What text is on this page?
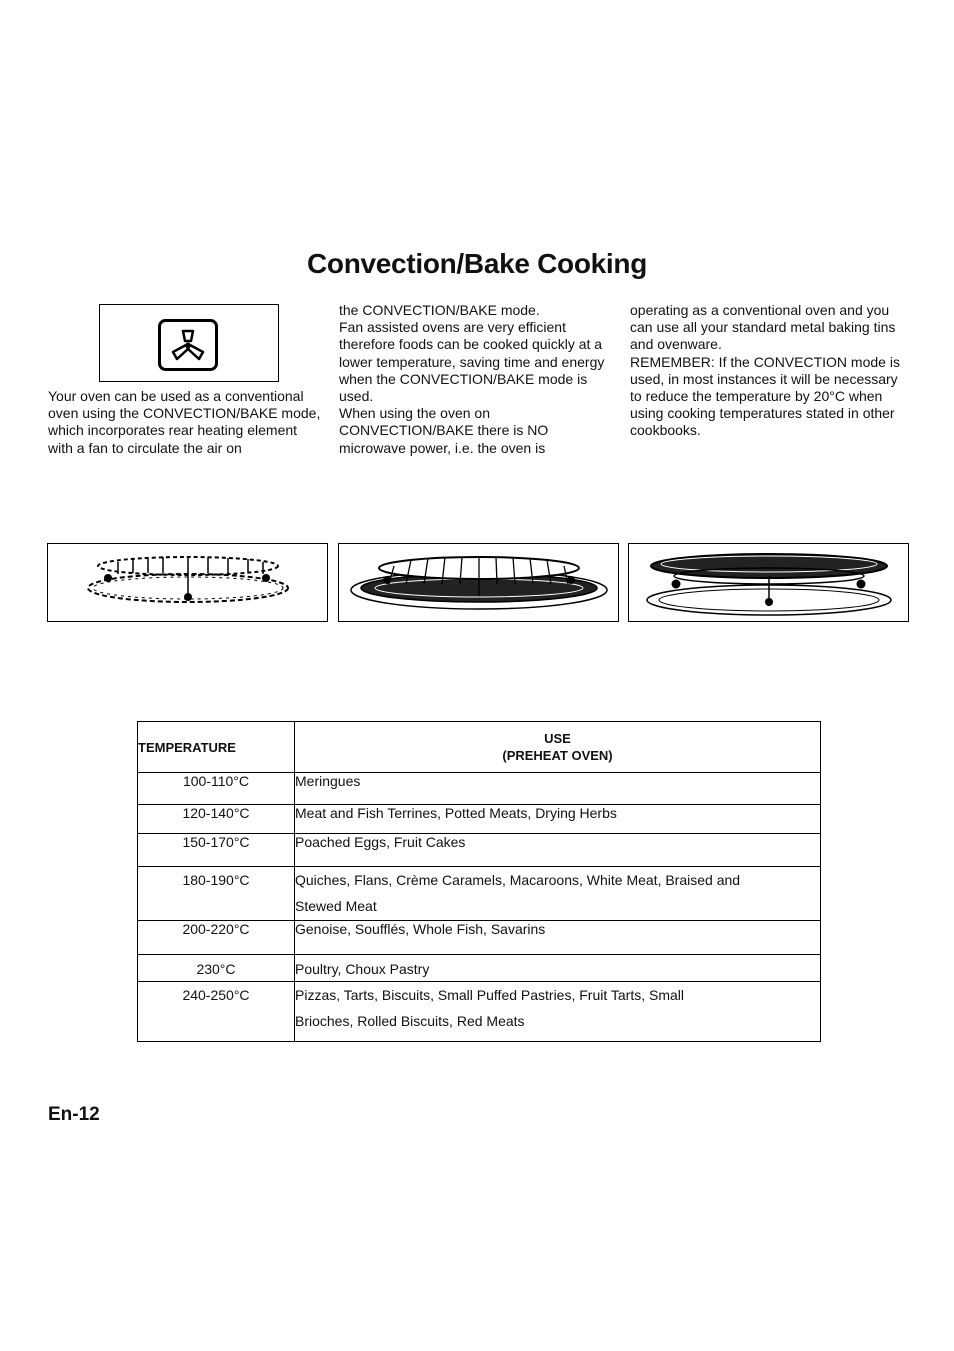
Convection/Bake Cooking

Your oven can be used as a conventional oven using the CONVECTION/BAKE mode, which incorporates rear heating element with a fan to circulate the air on

the CONVECTION/BAKE mode.

Fan assisted ovens are very efficient therefore foods can be cooked quickly at a lower temperature, saving time and energy when the CONVECTION/BAKE mode is used.

When using the oven on CONVECTION/BAKE there is NO microwave power, i.e. the oven is

operating as a conventional oven and you can use all your standard metal baking tins and ovenware.

REMEMBER: If the CONVECTION mode is used, in most instances it will be necessary to reduce the temperature by 20°C when using cooking temperatures stated in other cookbooks.

TEMPERATURE	USE
(PREHEAT OVEN)

100-110°C	Meringues
120-140°C	Meat and Fish Terrines, Potted Meats, Drying Herbs
150-170°C	Poached Eggs, Fruit Cakes
180-190°C	Quiches, Flans, Crème Caramels, Macaroons, White Meat, Braised and Stewed Meat
200-220°C	Genoise, Soufflés, Whole Fish, Savarins
230°C	Poultry, Choux Pastry
240-250°C	Pizzas, Tarts, Biscuits, Small Puffed Pastries, Fruit Tarts, Small Brioches, Rolled Biscuits, Red Meats
En-12
